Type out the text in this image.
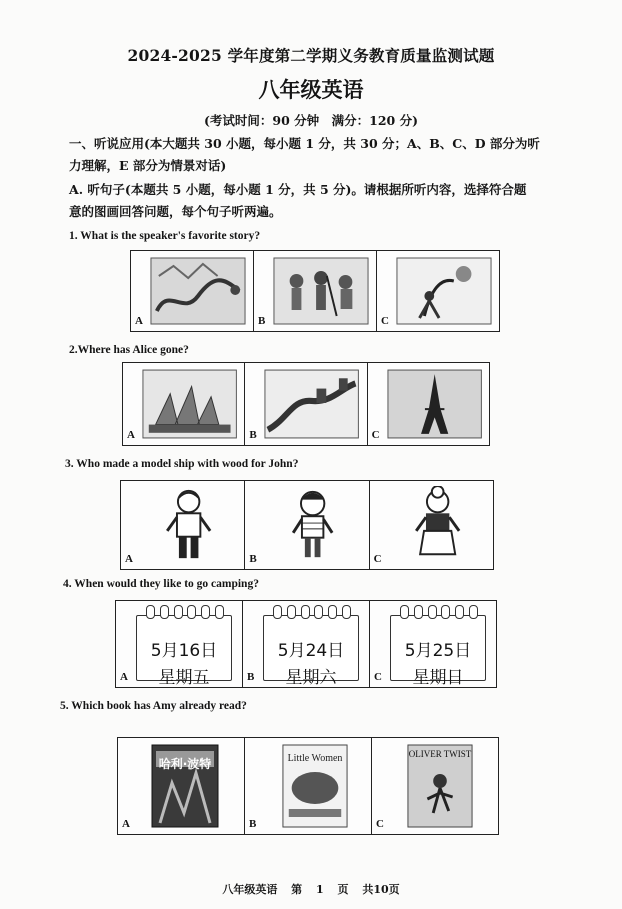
2024-2025 学年度第二学期义务教育质量监测试题
八年级英语
(考试时间：90 分钟　满分：120 分)
一、听说应用(本大题共 30 小题，每小题 1 分，共 30 分；A、B、C、D 部分为听
力理解，E 部分为情景对话)
A. 听句子(本题共 5 小题，每小题 1 分，共 5 分)。请根据所听内容，选择符合题
意的图画回答问题，每个句子听两遍。
1. What is the speaker's favorite story?
A	B	C
2.Where has Alice gone?
A	B	C
3. Who made a model ship with wood for John?
A	B	C
4. When would they like to go camping?
5月16日
星期五
A
5月24日
星期六
B
5月25日
星期日
C
5. Which book has Amy already read?
哈利·波特
A
Little Women
B
OLIVER TWIST
C
八年级英语 第 1 页 共10页
